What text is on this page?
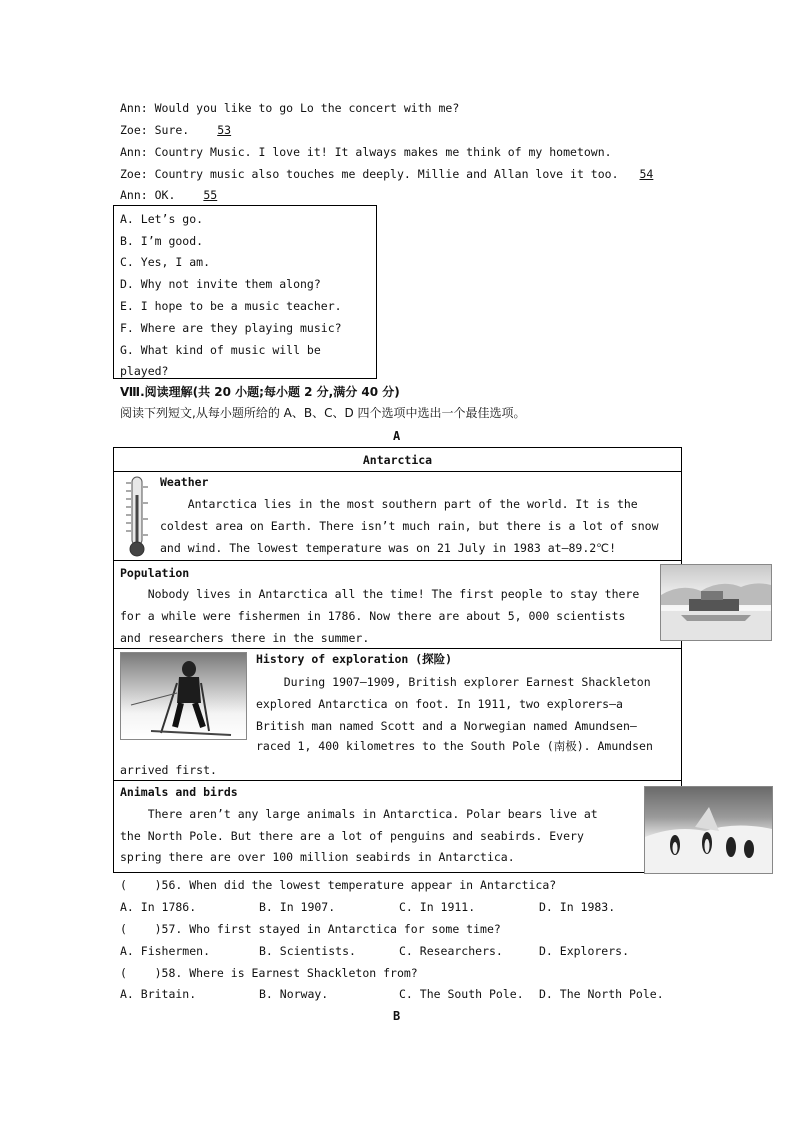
Ann: Would you like to go Lo the concert with me?
Zoe: Sure. 53
Ann: Country Music. I love it! It always makes me think of my hometown.
Zoe: Country music also touches me deeply. Millie and Allan love it too. 54
Ann: OK. 55
A. Let’s go.
B. I’m good.
C. Yes, I am.
D. Why not invite them along?
E. I hope to be a music teacher.
F. Where are they playing music?
G. What kind of music will be
played?
Ⅷ.阅读理解(共 20 小题;每小题 2 分,满分 40 分)
阅读下列短文,从每小题所给的 A、B、C、D 四个选项中选出一个最佳选项。
A
Antarctica
Weather
Antarctica lies in the most southern part of the world. It is the
coldest area on Earth. There isn’t much rain, but there is a lot of snow
and wind. The lowest temperature was on 21 July in 1983 at—89.2℃!
Population
Nobody lives in Antarctica all the time! The first people to stay there
for a while were fishermen in 1786. Now there are about 5, 000 scientists
and researchers there in the summer.
History of exploration (探险)
During 1907—1909, British explorer Earnest Shackleton
explored Antarctica on foot. In 1911, two explorers—a
British man named Scott and a Norwegian named Amundsen—
raced 1, 400 kilometres to the South Pole (南极). Amundsen
arrived first.
Animals and birds
There aren’t any large animals in Antarctica. Polar bears live at
the North Pole. But there are a lot of penguins and seabirds. Every
spring there are over 100 million seabirds in Antarctica.
(    )56. When did the lowest temperature appear in Antarctica?
A. In 1786.	B. In 1907.	C. In 1911.	D. In 1983.
(    )57. Who first stayed in Antarctica for some time?
A. Fishermen.	B. Scientists.	C. Researchers.	D. Explorers.
(    )58. Where is Earnest Shackleton from?
A. Britain.	B. Norway.	C. The South Pole. D. The North Pole.
B
